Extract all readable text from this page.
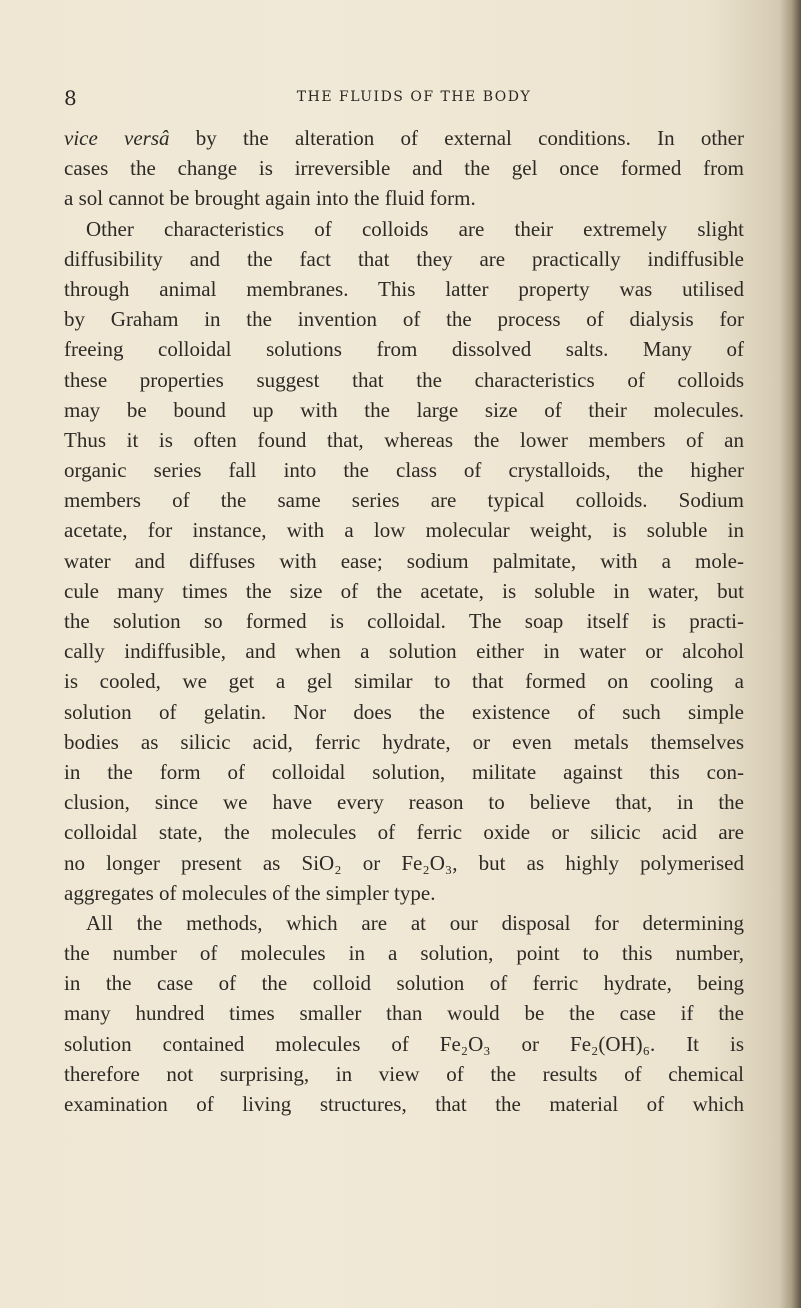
8	THE FLUIDS OF THE BODY
vice versâ by the alteration of external conditions. In other
cases the change is irreversible and the gel once formed from
a sol cannot be brought again into the fluid form.
Other characteristics of colloids are their extremely slight
diffusibility and the fact that they are practically indiffusible
through animal membranes. This latter property was utilised
by Graham in the invention of the process of dialysis for
freeing colloidal solutions from dissolved salts. Many of
these properties suggest that the characteristics of colloids
may be bound up with the large size of their molecules.
Thus it is often found that, whereas the lower members of an
organic series fall into the class of crystalloids, the higher
members of the same series are typical colloids. Sodium
acetate, for instance, with a low molecular weight, is soluble in
water and diffuses with ease; sodium palmitate, with a mole-
cule many times the size of the acetate, is soluble in water, but
the solution so formed is colloidal. The soap itself is practi-
cally indiffusible, and when a solution either in water or alcohol
is cooled, we get a gel similar to that formed on cooling a
solution of gelatin. Nor does the existence of such simple
bodies as silicic acid, ferric hydrate, or even metals themselves
in the form of colloidal solution, militate against this con-
clusion, since we have every reason to believe that, in the
colloidal state, the molecules of ferric oxide or silicic acid are
no longer present as SiO₂ or Fe₂O₃, but as highly polymerised
aggregates of molecules of the simpler type.
All the methods, which are at our disposal for determining
the number of molecules in a solution, point to this number,
in the case of the colloid solution of ferric hydrate, being
many hundred times smaller than would be the case if the
solution contained molecules of Fe₂O₃ or Fe₂(OH)₆. It is
therefore not surprising, in view of the results of chemical
examination of living structures, that the material of which
